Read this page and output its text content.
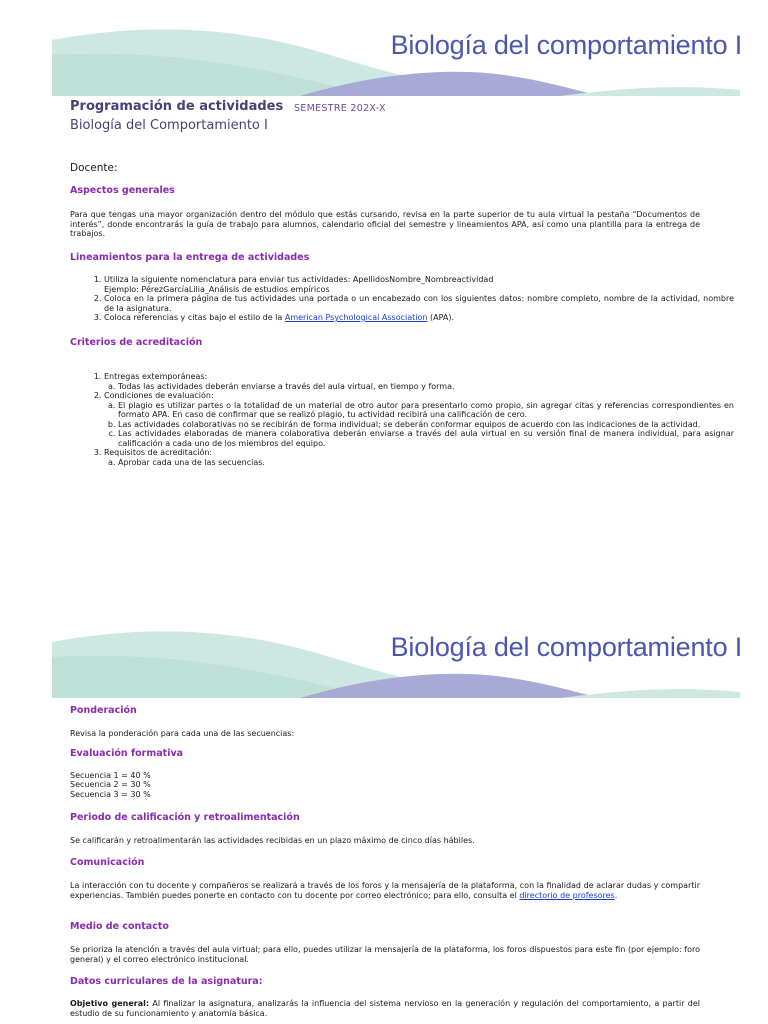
Biología del comportamiento I
Programación de actividades SEMESTRE 202X-X
Biología del Comportamiento I
Docente:
Aspectos generales
Para que tengas una mayor organización dentro del módulo que estás cursando, revisa en la parte superior de tu aula virtual la pestaña “Documentos de interés”, donde encontrarás la guía de trabajo para alumnos, calendario oficial del semestre y lineamientos APA, así como una plantilla para la entrega de trabajos.
Lineamientos para la entrega de actividades
1. Utiliza la siguiente nomenclatura para enviar tus actividades: ApellidosNombre_Nombreactividad
Ejemplo: PérezGarcíaLilia_Análisis de estudios empíricos
2. Coloca en la primera página de tus actividades una portada o un encabezado con los siguientes datos: nombre completo, nombre de la actividad, nombre de la asignatura.
3. Coloca referencias y citas bajo el estilo de la American Psychological Association (APA).
Criterios de acreditación
1. Entregas extemporáneas:
a. Todas las actividades deberán enviarse a través del aula virtual, en tiempo y forma.
2. Condiciones de evaluación:
a. El plagio es utilizar partes o la totalidad de un material de otro autor para presentarlo como propio, sin agregar citas y referencias correspondientes en formato APA. En caso de confirmar que se realizó plagio, tu actividad recibirá una calificación de cero.
b. Las actividades colaborativas no se recibirán de forma individual; se deberán conformar equipos de acuerdo con las indicaciones de la actividad.
c. Las actividades elaboradas de manera colaborativa deberán enviarse a través del aula virtual en su versión final de manera individual, para asignar calificación a cada uno de los miembros del equipo.
3. Requisitos de acreditación:
a. Aprobar cada una de las secuencias.
Biología del comportamiento I
Ponderación
Revisa la ponderación para cada una de las secuencias:
Evaluación formativa
Secuencia 1 = 40 %
Secuencia 2 = 30 %
Secuencia 3 = 30 %
Periodo de calificación y retroalimentación
Se calificarán y retroalimentarán las actividades recibidas en un plazo máximo de cinco días hábiles.
Comunicación
La interacción con tu docente y compañeros se realizará a través de los foros y la mensajería de la plataforma, con la finalidad de aclarar dudas y compartir experiencias. También puedes ponerte en contacto con tu docente por correo electrónico; para ello, consulta el directorio de profesores.
Medio de contacto
Se prioriza la atención a través del aula virtual; para ello, puedes utilizar la mensajería de la plataforma, los foros dispuestos para este fin (por ejemplo: foro general) y el correo electrónico institucional.
Datos curriculares de la asignatura:
Objetivo general: Al finalizar la asignatura, analizarás la influencia del sistema nervioso en la generación y regulación del comportamiento, a partir del estudio de su funcionamiento y anatomía básica.
